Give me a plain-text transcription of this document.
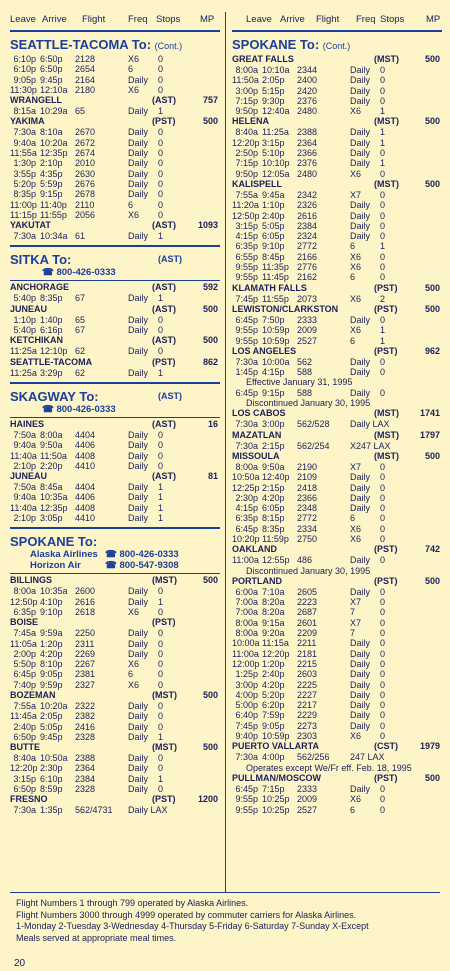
Leave Arrive Flight Freq Stops MP
SEATTLE-TACOMA To: (Cont.)
6:10p 6:50p 2128	X6 0
6:10p 6:50p 2654	6	0
9:05p 9:45p 2164	Daily 0
11:30p 12:10a 2180	X6 0
WRANGELL	(AST)	757
8:15a 10:29a 65	Daily 1
YAKIMA	(PST)	500
7:30a 8:10a 2670	Daily 0
9:40a 10:20a 2672	Daily 0
11:55a 12:35p 2674	Daily 0
1:30p 2:10p 2010	Daily 0
3:55p 4:35p 2630	Daily 0
5:20p 5:59p 2676	Daily 0
8:35p 9:15p 2678	Daily 0
11:00p 11:40p 2110	6	0
11:15p 11:55p 2056	X6 0
YAKUTAT	(AST) 1093
7:30a 10:34a 61	Daily 1
SITKA To:	(AST)
☎ 800-426-0333
ANCHORAGE	(AST)	592
5:40p 8:35p 67	Daily 1
JUNEAU	(AST)	500
1:10p 1:40p 65	Daily 0
5:40p 6:16p 67	Daily 0
KETCHIKAN	(AST)	500
11:25a 12:10p 62	Daily 0
SEATTLE-TACOMA	(PST)	862
11:25a 3:29p 62	Daily 1
SKAGWAY To:	(AST)
☎ 800-426-0333
HAINES	(AST)	16
7:50a 8:00a 4404	Daily 0
9:40a 9:50a 4406	Daily 0
11:40a 11:50a 4408	Daily 0
2:10p 2:20p 4410	Daily 0
JUNEAU	(AST)	81
7:50a 8:45a 4404	Daily 1
9:40a 10:35a 4406	Daily 1
11:40a 12:35p 4408	Daily 1
2:10p 3:05p 4410	Daily 1
SPOKANE To:
Alaska Airlines ☎ 800-426-0333
Horizon Air	☎ 800-547-9308
BILLINGS	(MST)	500
8:00a 10:35a 2600	Daily 0
12:50p 4:10p 2616	Daily 1
6:35p 9:10p 2618	X6 0
BOISE	(PST)
7:45a 9:59a 2250	Daily 0
11:05a 1:20p 2311	Daily 0
2:00p 4:20p 2269	Daily 0
5:50p 8:10p 2267	X6 0
6:45p 9:05p 2381	6	0
7:40p 9:59p 2327	X6 0
BOZEMAN	(MST)	500
7:55a 10:20a 2322	Daily 0
11:45a 2:05p 2382	Daily 0
2:40p 5:05p 2416	Daily 0
6:50p 9:45p 2328	Daily 1
BUTTE	(MST)	500
8:40a 10:50a 2388	Daily 0
12:20p 2:30p 2364	Daily 0
3:15p 6:10p 2384	Daily 1
6:50p 8:59p 2328	Daily 0
FRESNO	(PST) 1200
7:30a 1:35p 562/4731 Daily LAX
Leave Arrive Flight Freq Stops MP
SPOKANE To: (Cont.)
GREAT FALLS	(MST)	500
8:00a 10:10a 2344	Daily 0
11:50a 2:05p 2400	Daily 0
3:00p 5:15p 2420	Daily 0
7:15p 9:30p 2376	Daily 0
9:50p 12:40a 2480	X6 1
HELENA	(MST)	500
8:40a 11:25a 2388	Daily 1
12:20p 3:15p 2364	Daily 1
2:50p 5:10p 2366	Daily 0
7:15p 10:10p 2376	Daily 1
9:50p 12:05a 2480	X6 0
KALISPELL	(MST)	500
7:55a 9:45a 2342	X7 0
11:20a 1:10p 2326	Daily 0
12:50p 2:40p 2616	Daily 0
3:15p 5:05p 2384	Daily 0
4:15p 6:05p 2324	Daily 0
6:35p 9:10p 2772	6	1
6:55p 8:45p 2166	X6 0
9:55p 11:35p 2776	X6 0
9:55p 11:45p 2162	6	0
KLAMATH FALLS	(PST)	500
7:45p 11:55p 2073	X6 2
LEWISTON/CLARKSTON	(PST)	500
6:45p 7:50p 2333	Daily 0
9:55p 10:59p 2009	X6 1
9:55p 10:59p 2527	6	1
LOS ANGELES	(PST)	962
7:30a 10:00a 562	Daily 0
1:45p 4:15p 588	Daily 0
Effective January 31, 1995
6:45p 9:15p 588	Daily 0
Discontinued January 30, 1995
LOS CABOS	(MST) 1741
7:30a 3:00p 562/528 Daily LAX
MAZATLAN	(MST) 1797
7:30a 2:15p 562/254 X247 LAX
MISSOULA	(MST)	500
8:00a 9:50a 2190	X7 0
10:50a 12:40p 2109	Daily 0
12:25p 2:15p 2418	Daily 0
2:30p 4:20p 2366	Daily 0
4:15p 6:05p 2348	Daily 0
6:35p 8:15p 2772	6	0
6:45p 8:35p 2334	X6 0
10:20p 11:59p 2750	X6 0
OAKLAND	(PST)	742
11:00a 12:55p 486	Daily 0
Discontinued January 30, 1995
PORTLAND	(PST)	500
6:00a 7:10a 2605	Daily 0
7:00a 8:20a 2223	X7 0
7:00a 8:20a 2687	7	0
8:00a 9:15a 2601	X7 0
8:00a 9:20a 2209	7	0
10:00a 11:15a 2211	Daily 0
11:00a 12:20p 2181	Daily 0
12:00p 1:20p 2215	Daily 0
1:25p 2:40p 2603	Daily 0
3:00p 4:20p 2225	Daily 0
4:00p 5:20p 2227	Daily 0
5:00p 6:20p 2217	Daily 0
6:40p 7:59p 2229	Daily 0
7:45p 9:05p 2273	Daily 0
9:40p 10:59p 2303	X6 0
PUERTO VALLARTA	(CST) 1979
7:30a 4:00p 562/256 247 LAX
Operates except We/Fr eff. Feb. 18, 1995
PULLMAN/MOSCOW	(PST)	500
6:45p 7:15p 2333	Daily 0
9:55p 10:25p 2009	X6 0
9:55p 10:25p 2527	6	0
Flight Numbers 1 through 799 operated by Alaska Airlines.
Flight Numbers 3000 through 4999 operated by commuter carriers for Alaska Airlines.
1-Monday 2-Tuesday 3-Wednesday 4-Thursday 5-Friday 6-Saturday 7-Sunday X-Except
Meals served at appropriate meal times.
20
